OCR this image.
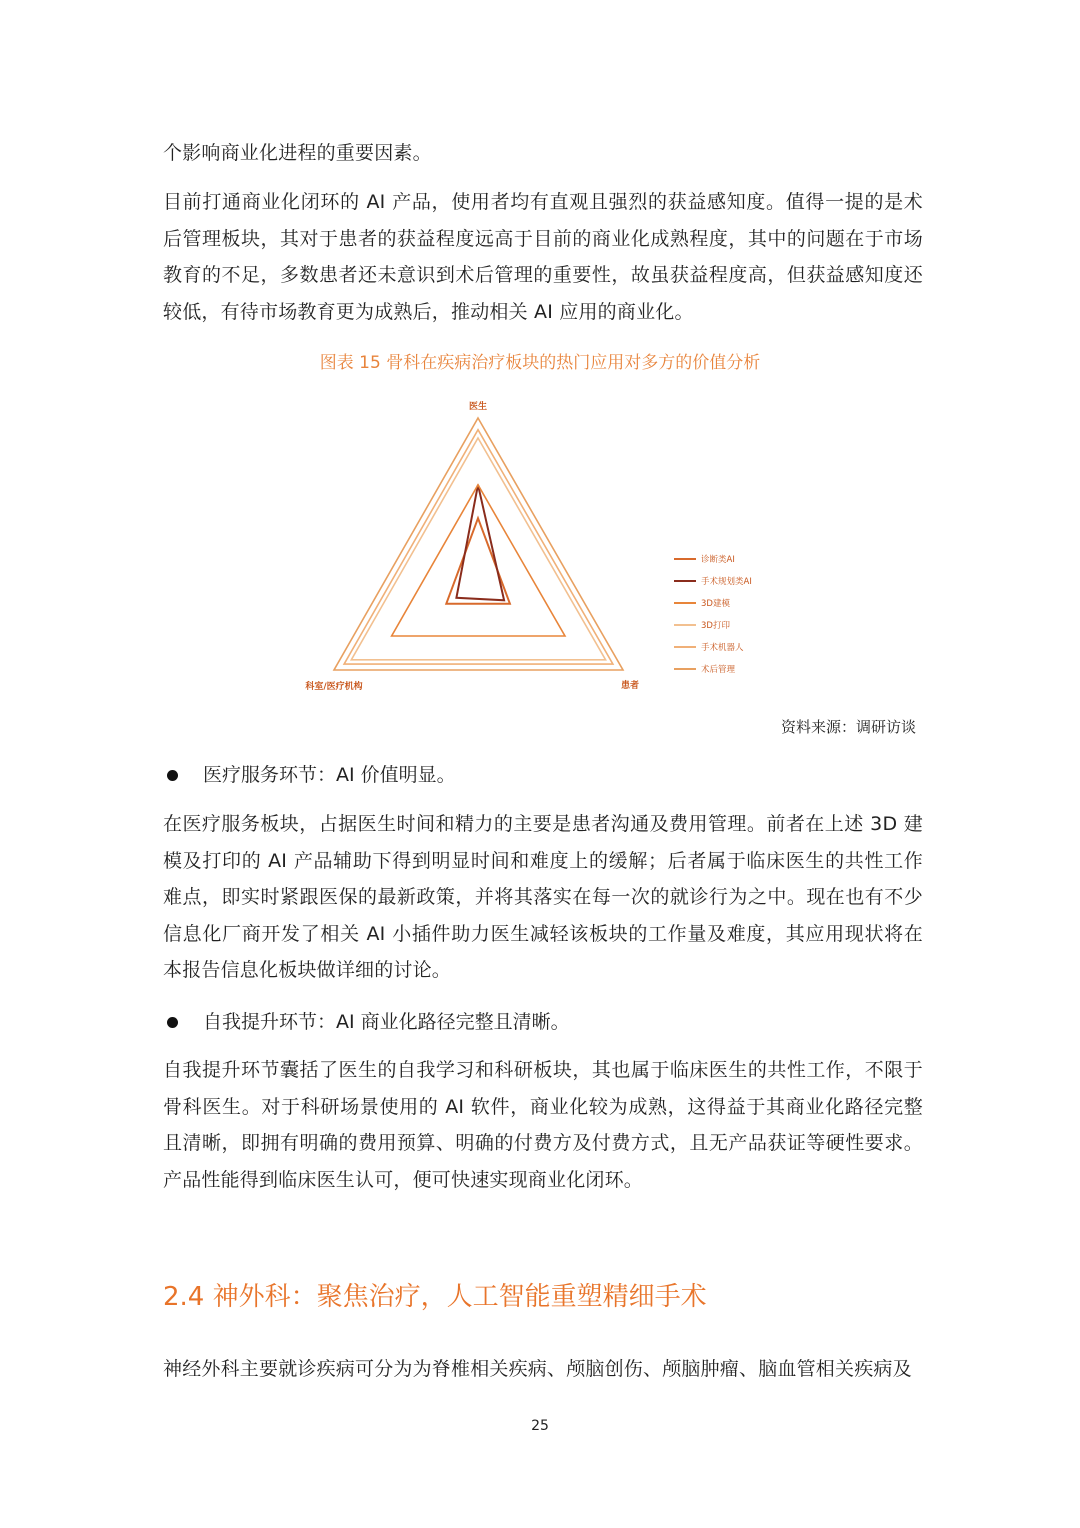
个影响商业化进程的重要因素。

目前打通商业化闭环的 AI 产品，使用者均有直观且强烈的获益感知度。值得一提的是术后管理板块，其对于患者的获益程度远高于目前的商业化成熟程度，其中的问题在于市场教育的不足，多数患者还未意识到术后管理的重要性，故虽获益程度高，但获益感知度还较低，有待市场教育更为成熟后，推动相关 AI 应用的商业化。

图表 15 骨科在疾病治疗板块的热门应用对多方的价值分析
医生
患者
科室/医疗机构
诊断类AI
手术规划类AI
3D建模
3D打印
手术机器人
术后管理
资料来源：调研访谈
医疗服务环节：AI 价值明显。

在医疗服务板块，占据医生时间和精力的主要是患者沟通及费用管理。前者在上述 3D 建模及打印的 AI 产品辅助下得到明显时间和难度上的缓解；后者属于临床医生的共性工作难点，即实时紧跟医保的最新政策，并将其落实在每一次的就诊行为之中。现在也有不少信息化厂商开发了相关 AI 小插件助力医生减轻该板块的工作量及难度，其应用现状将在本报告信息化板块做详细的讨论。

自我提升环节：AI 商业化路径完整且清晰。

自我提升环节囊括了医生的自我学习和科研板块，其也属于临床医生的共性工作，不限于骨科医生。对于科研场景使用的 AI 软件，商业化较为成熟，这得益于其商业化路径完整且清晰，即拥有明确的费用预算、明确的付费方及付费方式，且无产品获证等硬性要求。产品性能得到临床医生认可，便可快速实现商业化闭环。

2.4 神外科：聚焦治疗，人工智能重塑精细手术

神经外科主要就诊疾病可分为为脊椎相关疾病、颅脑创伤、颅脑肿瘤、脑血管相关疾病及

25
